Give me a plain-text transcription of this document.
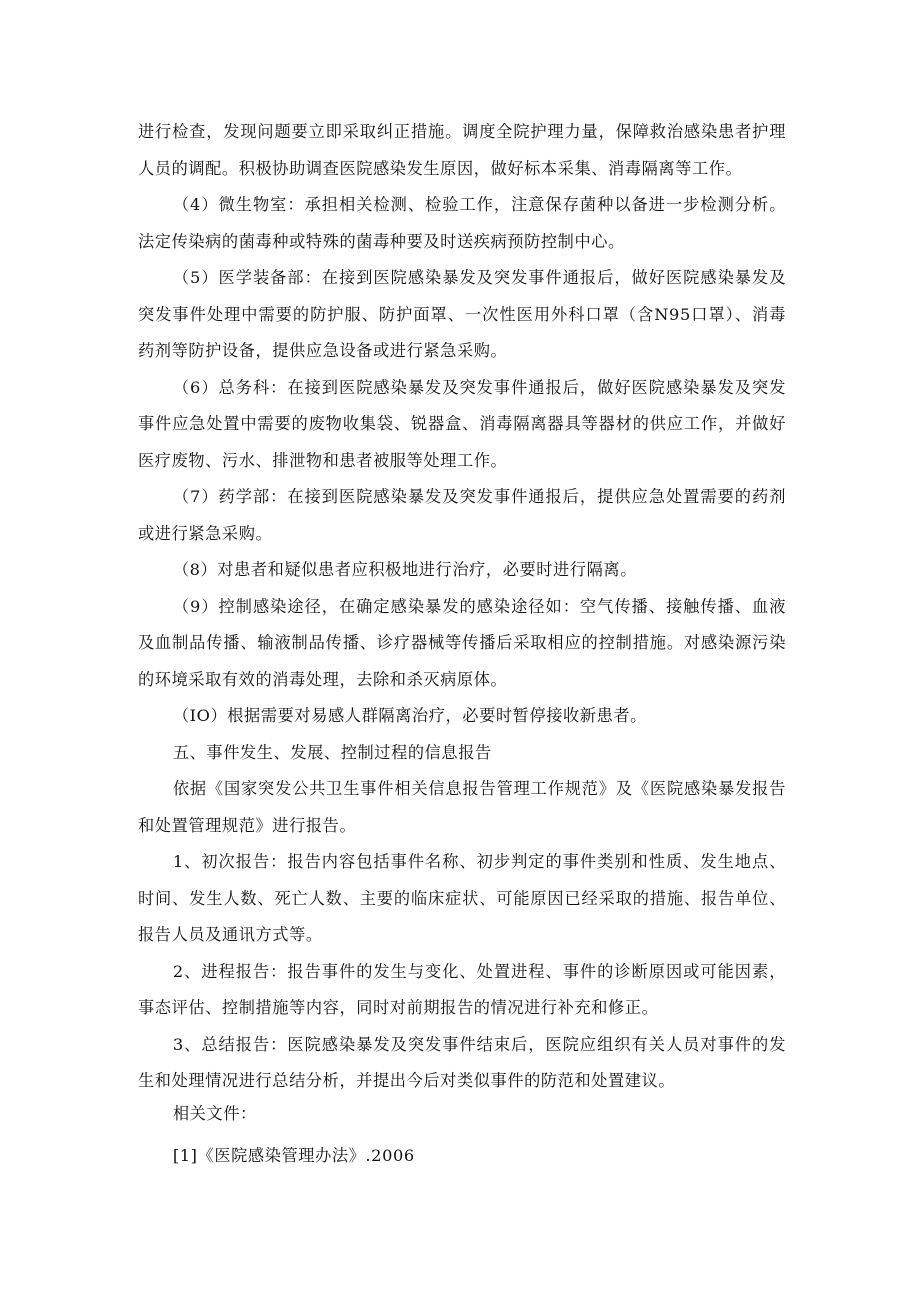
进行检查，发现问题要立即采取纠正措施。调度全院护理力量，保障救治感染患者护理人员的调配。积极协助调查医院感染发生原因，做好标本采集、消毒隔离等工作。

（4）微生物室：承担相关检测、检验工作，注意保存菌种以备进一步检测分析。法定传染病的菌毒种或特殊的菌毒种要及时送疾病预防控制中心。

（5）医学装备部：在接到医院感染暴发及突发事件通报后，做好医院感染暴发及突发事件处理中需要的防护服、防护面罩、一次性医用外科口罩（含N95口罩）、消毒药剂等防护设备，提供应急设备或进行紧急采购。

（6）总务科：在接到医院感染暴发及突发事件通报后，做好医院感染暴发及突发事件应急处置中需要的废物收集袋、锐器盒、消毒隔离器具等器材的供应工作，并做好医疗废物、污水、排泄物和患者被服等处理工作。

（7）药学部：在接到医院感染暴发及突发事件通报后，提供应急处置需要的药剂或进行紧急采购。

（8）对患者和疑似患者应积极地进行治疗，必要时进行隔离。

（9）控制感染途径，在确定感染暴发的感染途径如：空气传播、接触传播、血液及血制品传播、输液制品传播、诊疗器械等传播后采取相应的控制措施。对感染源污染的环境采取有效的消毒处理，去除和杀灭病原体。

（IO）根据需要对易感人群隔离治疗，必要时暂停接收新患者。

五、事件发生、发展、控制过程的信息报告

依据《国家突发公共卫生事件相关信息报告管理工作规范》及《医院感染暴发报告和处置管理规范》进行报告。

1、初次报告：报告内容包括事件名称、初步判定的事件类别和性质、发生地点、时间、发生人数、死亡人数、主要的临床症状、可能原因已经采取的措施、报告单位、报告人员及通讯方式等。

2、进程报告：报告事件的发生与变化、处置进程、事件的诊断原因或可能因素，事态评估、控制措施等内容，同时对前期报告的情况进行补充和修正。

3、总结报告：医院感染暴发及突发事件结束后，医院应组织有关人员对事件的发生和处理情况进行总结分析，并提出今后对类似事件的防范和处置建议。

相关文件：

[1]《医院感染管理办法》.2006
